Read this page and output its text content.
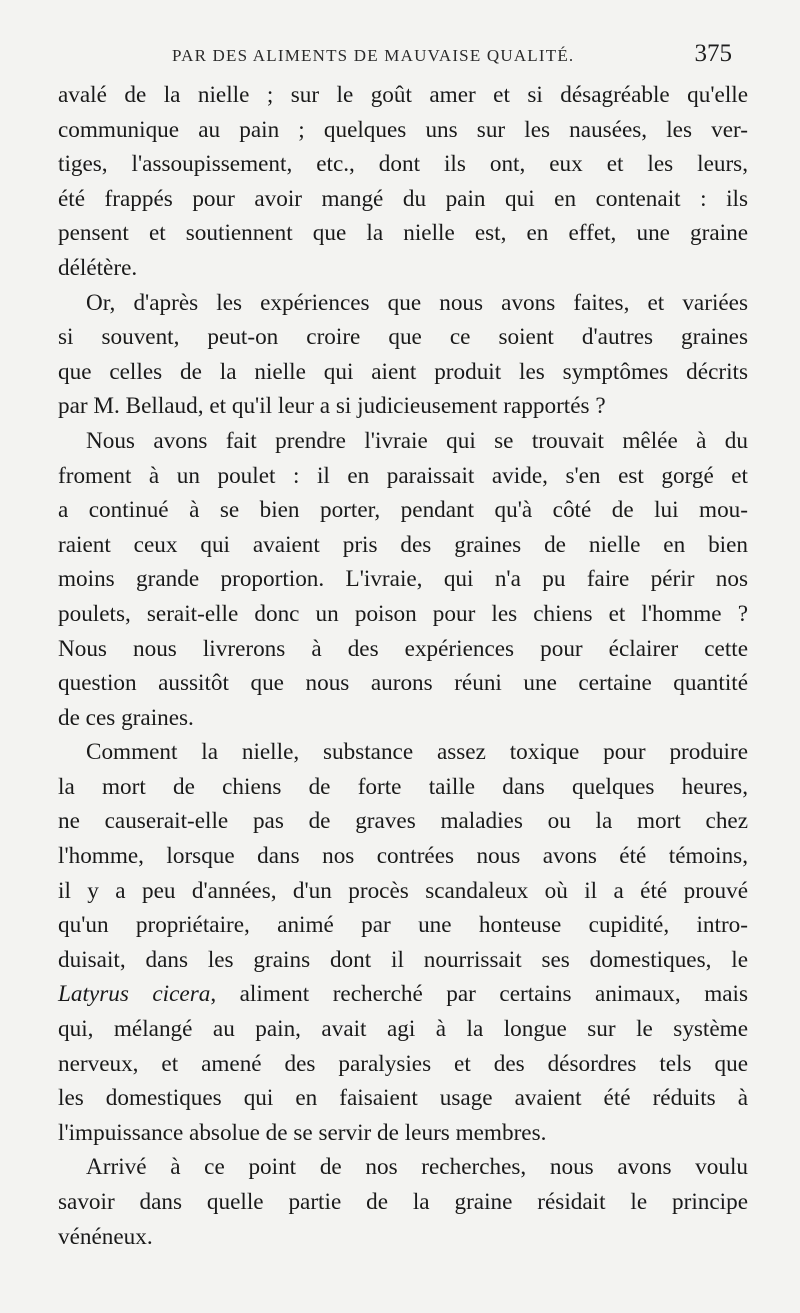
PAR DES ALIMENTS DE MAUVAISE QUALITÉ.	375
avalé de la nielle ; sur le goût amer et si désagréable qu'elle
communique au pain ; quelques uns sur les nausées, les ver-
tiges, l'assoupissement, etc., dont ils ont, eux et les leurs,
été frappés pour avoir mangé du pain qui en contenait : ils
pensent et soutiennent que la nielle est, en effet, une graine
délétère.
Or, d'après les expériences que nous avons faites, et variées
si souvent, peut-on croire que ce soient d'autres graines
que celles de la nielle qui aient produit les symptômes décrits
par M. Bellaud, et qu'il leur a si judicieusement rapportés ?
Nous avons fait prendre l'ivraie qui se trouvait mêlée à du
froment à un poulet : il en paraissait avide, s'en est gorgé et
a continué à se bien porter, pendant qu'à côté de lui mou-
raient ceux qui avaient pris des graines de nielle en bien
moins grande proportion. L'ivraie, qui n'a pu faire périr nos
poulets, serait-elle donc un poison pour les chiens et l'homme ?
Nous nous livrerons à des expériences pour éclairer cette
question aussitôt que nous aurons réuni une certaine quantité
de ces graines.
Comment la nielle, substance assez toxique pour produire
la mort de chiens de forte taille dans quelques heures,
ne causerait-elle pas de graves maladies ou la mort chez
l'homme, lorsque dans nos contrées nous avons été témoins,
il y a peu d'années, d'un procès scandaleux où il a été prouvé
qu'un propriétaire, animé par une honteuse cupidité, intro-
duisait, dans les grains dont il nourrissait ses domestiques, le
Latyrus cicera, aliment recherché par certains animaux, mais
qui, mélangé au pain, avait agi à la longue sur le système
nerveux, et amené des paralysies et des désordres tels que
les domestiques qui en faisaient usage avaient été réduits à
l'impuissance absolue de se servir de leurs membres.
Arrivé à ce point de nos recherches, nous avons voulu
savoir dans quelle partie de la graine résidait le principe
vénéneux.
